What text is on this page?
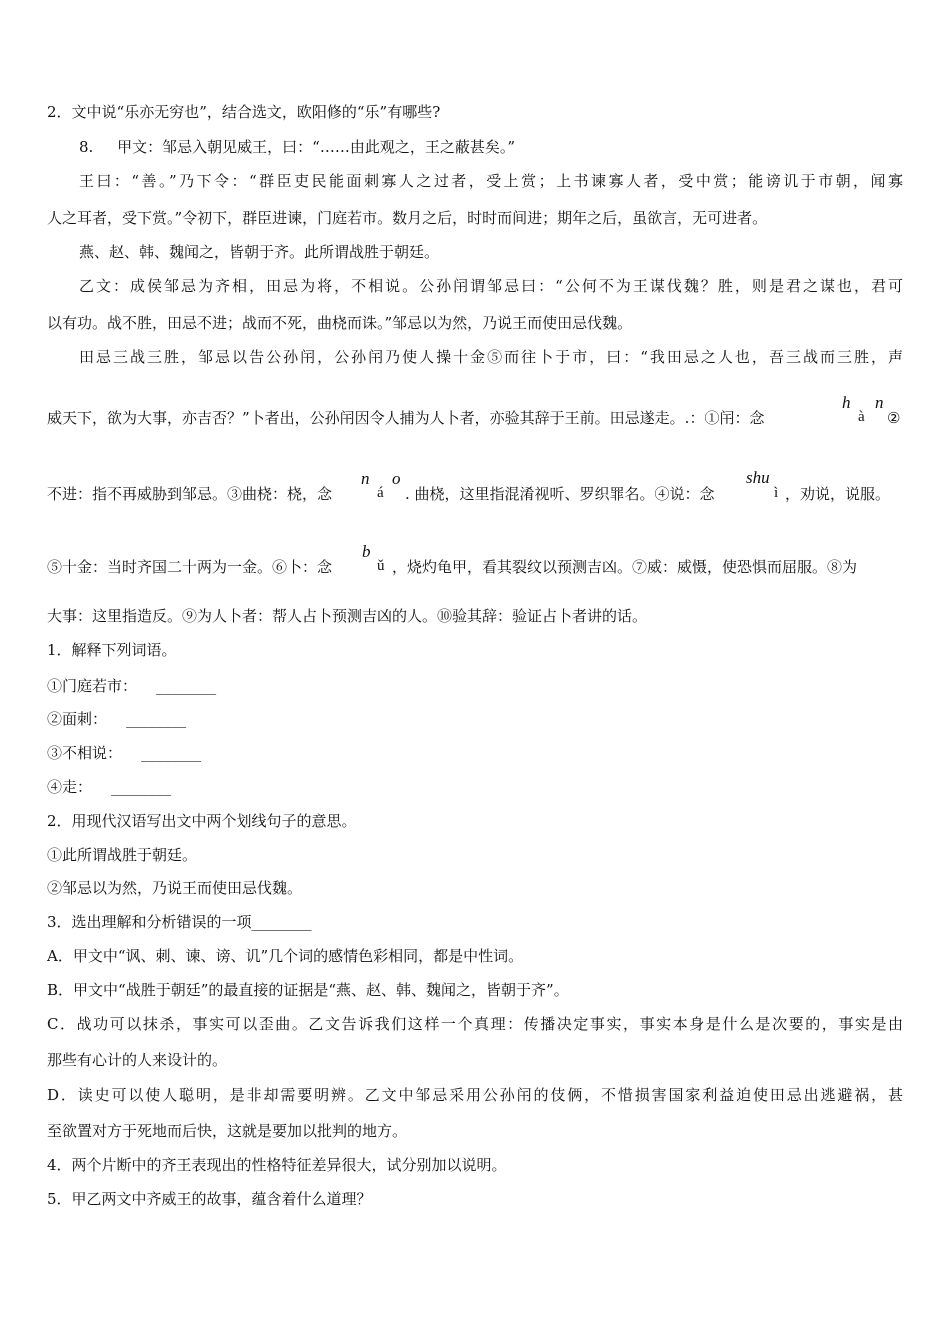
2．文中说“乐亦无穷也”，结合选文，欧阳修的“乐”有哪些?
8.     甲文：邹忌入朝见威王，曰：“……由此观之，王之蔽甚矣。”
王曰：“善。”乃下令：“群臣吏民能面刺寡人之过者，受上赏；上书谏寡人者，受中赏；能谤讥于市朝，闻寡
人之耳者，受下赏。”令初下，群臣进谏，门庭若市。数月之后，时时而间进；期年之后，虽欲言，无可进者。
燕、赵、韩、魏闻之，皆朝于齐。此所谓战胜于朝廷。
乙文：成侯邹忌为齐相，田忌为将，不相说。公孙闬谓邹忌曰：“公何不为王谋伐魏？胜，则是君之谋也，君可
以有功。战不胜，田忌不进；战而不死，曲桡而诛。”邹忌以为然，乃说王而使田忌伐魏。
田忌三战三胜，邹忌以告公孙闬，公孙闬乃使人操十金⑤而往卜于市，曰：“我田忌之人也，吾三战而三胜，声
威天下，欲为大事，亦吉否？”卜者出，公孙闬因令人捕为人卜者，亦验其辞于王前。田忌遂走。.：①闬：念
h
à
n
②
不进：指不再威胁到邹忌。③曲桡：桡，念
n
á
o
. 曲桡，这里指混淆视听、罗织罪名。④说：念
shu
ì ，劝说，说服。
⑤十金：当时齐国二十两为一金。⑥卜：念
b
ǔ ，烧灼龟甲，看其裂纹以预测吉凶。⑦威：威慑，使恐惧而屈服。⑧为
大事：这里指造反。⑨为人卜者：帮人占卜预测吉凶的人。⑩验其辞：验证占卜者讲的话。
1．解释下列词语。
①门庭若市：    ________
②面刺：    ________
③不相说：    ________
④走：    ________
2．用现代汉语写出文中两个划线句子的意思。
①此所谓战胜于朝廷。
②邹忌以为然，乃说王而使田忌伐魏。
3．选出理解和分析错误的一项________
A．甲文中“讽、刺、谏、谤、讥”几个词的感情色彩相同，都是中性词。
B．甲文中“战胜于朝廷”的最直接的证据是“燕、赵、韩、魏闻之，皆朝于齐”。
C．战功可以抹杀，事实可以歪曲。乙文告诉我们这样一个真理：传播决定事实，事实本身是什么是次要的，事实是由
那些有心计的人来设计的。
D．读史可以使人聪明，是非却需要明辨。乙文中邹忌采用公孙闬的伎俩，不惜损害国家利益迫使田忌出逃避祸，甚
至欲置对方于死地而后快，这就是要加以批判的地方。
4．两个片断中的齐王表现出的性格特征差异很大，试分别加以说明。
5．甲乙两文中齐威王的故事，蕴含着什么道理？
